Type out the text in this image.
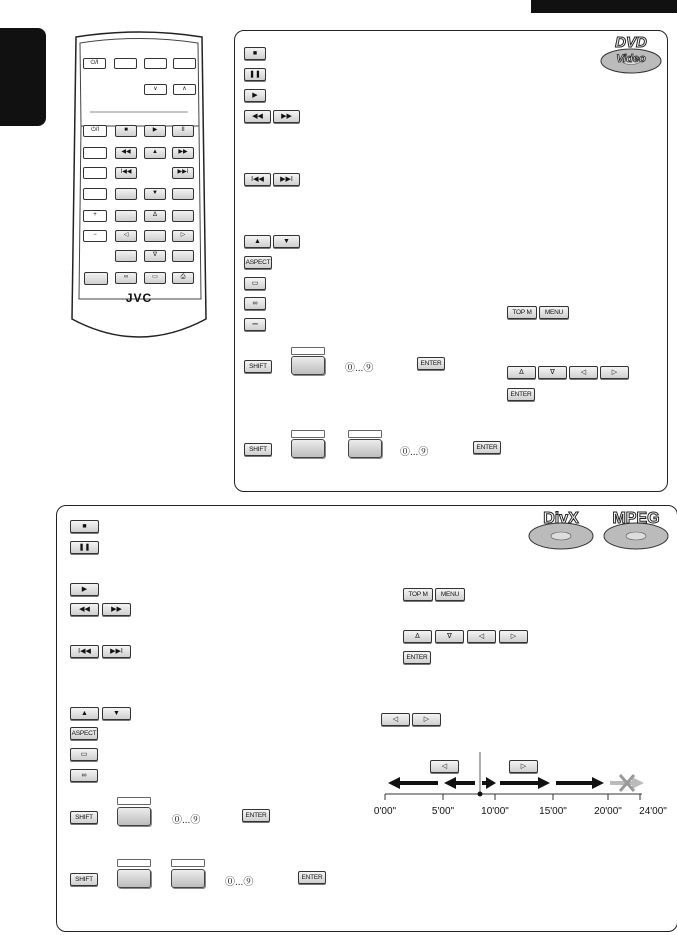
⏻/I
∨	∧
⏻/I	■	▶	II
◀◀	▲	▶▶
I◀◀	▶▶I
▼
+	Δ
−	◁	▷
∇
∞	▭	⎙
JVC
DVD
Video
■
❚❚
▶
◀◀	▶▶
I◀◀	▶▶I
▲	▼
ASPECT
▭
∞
⎓
SHIFT	⓪...⑨	ENTER
SHIFT	⓪...⑨	ENTER
TOP M	MENU
Δ	∇	◁	▷
ENTER
DivX	MPEG
■
❚❚
▶
◀◀	▶▶
I◀◀	▶▶I
▲	▼
ASPECT
▭
∞
SHIFT	⓪...⑨	ENTER
SHIFT	⓪...⑨	ENTER
TOP M	MENU
Δ	∇	◁	▷
ENTER
◁	▷
◁	▷
0'00"	5'00"	10'00"	15'00"	20'00" 24'00"
